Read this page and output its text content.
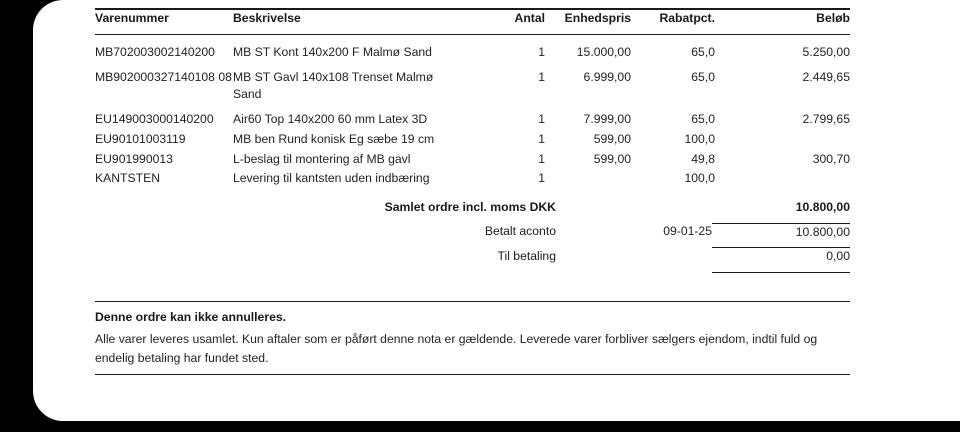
Varenummer	Beskrivelse	Antal	Enhedspris	Rabatpct.	Beløb
MB702003002140200	MB ST Kont 140x200 F Malmø Sand	1	15.000,00	65,0	5.250,00
MB902000327140108 08	MB ST Gavl 140x108 Trenset Malmø Sand	1	6.999,00	65,0	2.449,65
EU149003000140200	Air60 Top 140x200 60 mm Latex 3D	1	7.999,00	65,0	2.799,65
EU90101003119	MB ben Rund konisk Eg sæbe 19 cm	1	599,00	100,0	
EU901990013	L-beslag til montering af MB gavl	1	599,00	49,8	300,70
KANTSTEN	Levering til kantsten uden indbæring	1		100,0	
	Samlet ordre incl. moms DKK		10.800,00
	Betalt aconto	09-01-25	10.800,00
	Til betaling		0,00
Denne ordre kan ikke annulleres.
Alle varer leveres usamlet. Kun aftaler som er påført denne nota er gældende. Leverede varer forbliver sælgers ejendom, indtil fuld og endelig betaling har fundet sted.
